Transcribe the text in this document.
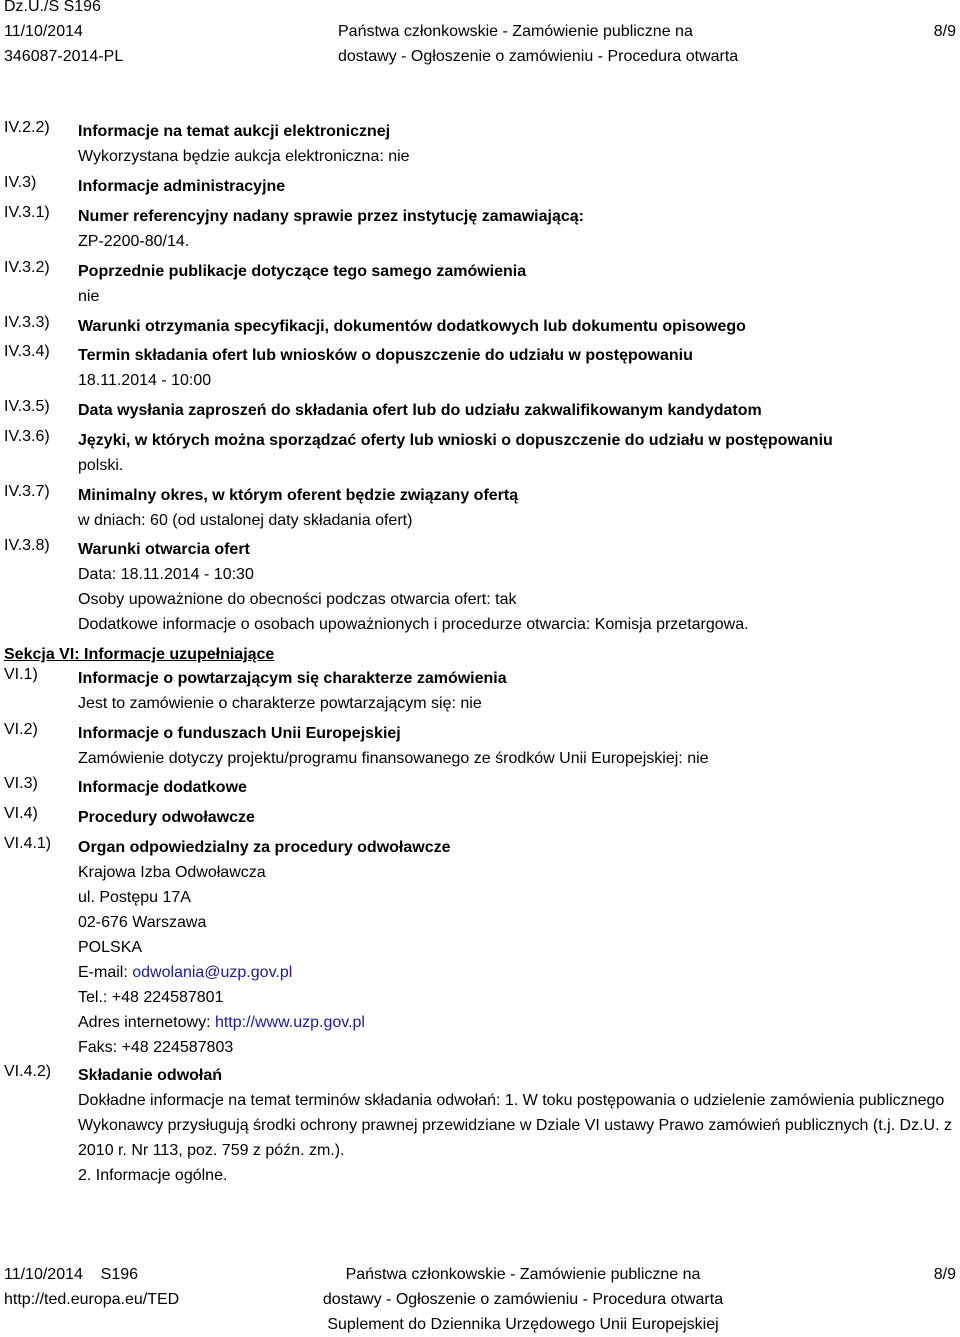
Dz.U./S S196
11/10/2014
346087-2014-PL
Państwa członkowskie - Zamówienie publiczne na
dostawy - Ogłoszenie o zamówieniu - Procedura otwarta
8/9
IV.2.2) Informacje na temat aukcji elektronicznej
Wykorzystana będzie aukcja elektroniczna: nie
IV.3)	Informacje administracyjne
IV.3.1) Numer referencyjny nadany sprawie przez instytucję zamawiającą:
ZP-2200-80/14.
IV.3.2) Poprzednie publikacje dotyczące tego samego zamówienia
nie
IV.3.3) Warunki otrzymania specyfikacji, dokumentów dodatkowych lub dokumentu opisowego
IV.3.4) Termin składania ofert lub wniosków o dopuszczenie do udziału w postępowaniu
18.11.2014 - 10:00
IV.3.5) Data wysłania zaproszeń do składania ofert lub do udziału zakwalifikowanym kandydatom
IV.3.6) Języki, w których można sporządzać oferty lub wnioski o dopuszczenie do udziału w postępowaniu
polski.
IV.3.7) Minimalny okres, w którym oferent będzie związany ofertą
w dniach: 60 (od ustalonej daty składania ofert)
IV.3.8) Warunki otwarcia ofert
Data: 18.11.2014 - 10:30
Osoby upoważnione do obecności podczas otwarcia ofert: tak
Dodatkowe informacje o osobach upoważnionych i procedurze otwarcia: Komisja przetargowa.
Sekcja VI: Informacje uzupełniające
VI.1)	Informacje o powtarzającym się charakterze zamówienia
Jest to zamówienie o charakterze powtarzającym się: nie
VI.2)	Informacje o funduszach Unii Europejskiej
Zamówienie dotyczy projektu/programu finansowanego ze środków Unii Europejskiej: nie
VI.3)	Informacje dodatkowe
VI.4)	Procedury odwoławcze
VI.4.1) Organ odpowiedzialny za procedury odwoławcze
Krajowa Izba Odwoławcza
ul. Postępu 17A
02-676 Warszawa
POLSKA
E-mail: odwolania@uzp.gov.pl
Tel.: +48 224587801
Adres internetowy: http://www.uzp.gov.pl
Faks: +48 224587803
VI.4.2) Składanie odwołań
Dokładne informacje na temat terminów składania odwołań: 1. W toku postępowania o udzielenie zamówienia publicznego Wykonawcy przysługują środki ochrony prawnej przewidziane w Dziale VI ustawy Prawo zamówień publicznych (t.j. Dz.U. z 2010 r. Nr 113, poz. 759 z późn. zm.).
2. Informacje ogólne.
11/10/2014 S196
http://ted.europa.eu/TED
Państwa członkowskie - Zamówienie publiczne na
dostawy - Ogłoszenie o zamówieniu - Procedura otwarta
Suplement do Dziennika Urzędowego Unii Europejskiej
8/9
